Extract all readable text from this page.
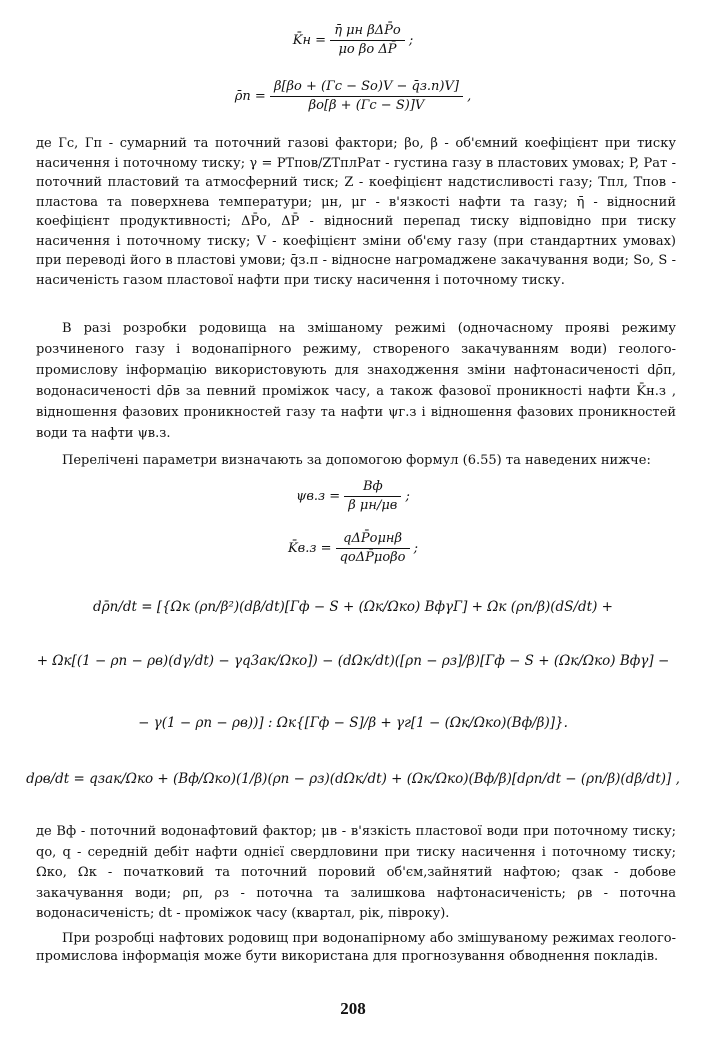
K̄н = $\frac{\text{η̄ μн βΔP̄о}}{\text{μо βо ΔP̄}}$ ;
ρ̄п = $\frac{\beta[\beta о + (Гс - Sо)V - q̄з.п)V]}{\beta о[\beta + (Гс - S)]V}$ ,
де Гс, Гп - сумарний та поточний газові фактори; βо, β - об'ємний коефіцієнт при тиску насичення і поточному тиску; γ = PTпов/ZTплPат - густина газу в пластових умовах; P, Pат - поточний пластовий та атмосферний тиск; Z - коефіцієнт надстисливості газу; Tпл, Tпов - пластова та поверхнева температури; μн, μг - в'язкості нафти та газу; η̄ - відносний коефіцієнт продуктивності; ΔP̄о, ΔP̄ - відносний перепад тиску відповідно при тиску насичення і поточному тиску; V - коефіцієнт зміни об'єму газу (при стандартних умовах) при переводі його в пластові умови; q̄з.п - відносне нагромаджене закачування води; Sо, S - насиченість газом пластової нафти при тиску насичення і поточному тиску.
В разі розробки родовища на змішаному режимі (одночасному прояві режиму розчиненого газу і водонапірного режиму, створеного закачуванням води) геолого-промислову інформацію використовують для знаходження зміни нафтонасиченості dρ̄п, водонасиченості dρ̄в за певний проміжок часу, а також фазової проникності нафти K̄н.з , відношення фазових проникностей газу та нафти ψг.з і відношення фазових проникностей води та нафти ψв.з.
Перелічені параметри визначають за допомогою формул (6.55) та наведених нижче:
$\psi в.з = \frac{Bф}{\text{β μн/μв}}$ ;
K̄в.з = $\frac{\text{qΔP̄оμнβ}}{\text{qоΔP̄μоβо}}$ ;
dρ̄п/dt = [{Ωк (ρп/β²)(dβ/dt)[Гф − S + (Ωк/Ωко) BфγГ] + Ωк (ρп/β)(dS/dt) +
+ Ωк[(1 − ρп − ρв)(dγ/dt) − γq3ак/Ωко]) − (dΩк/dt)([ρп − ρз]/β)[Гф − S + (Ωк/Ωко) Bфγ] −
− γ(1 − ρп − ρв))] : Ωк{[Гф − S]/β + γг[1 − (Ωк/Ωко)(Bф/β)]}.
dρв/dt = qзак/Ωко + (Bф/Ωко)(1/β)(ρп − ρз)(dΩк/dt) + (Ωк/Ωко)(Bф/β)[dρп/dt − (ρп/β)(dβ/dt)] ,
де Bф - поточний водонафтовий фактор; μв - в'язкість пластової води при поточному тиску; qо, q - середній дебіт нафти однієї свердловини при тиску насичення і поточному тиску; Ωко, Ωк - початковий та поточний поровий об'єм,зайнятий нафтою; qзак - добове закачування води; ρп, ρз - поточна та залишкова нафтонасиченість; ρв - поточна водонасиченість; dt - проміжок часу (квартал, рік, півроку).
При розробці нафтових родовищ при водонапірному або змішуваному режимах геолого-промислова інформація може бути використана для прогнозування обводнення покладів.
208
